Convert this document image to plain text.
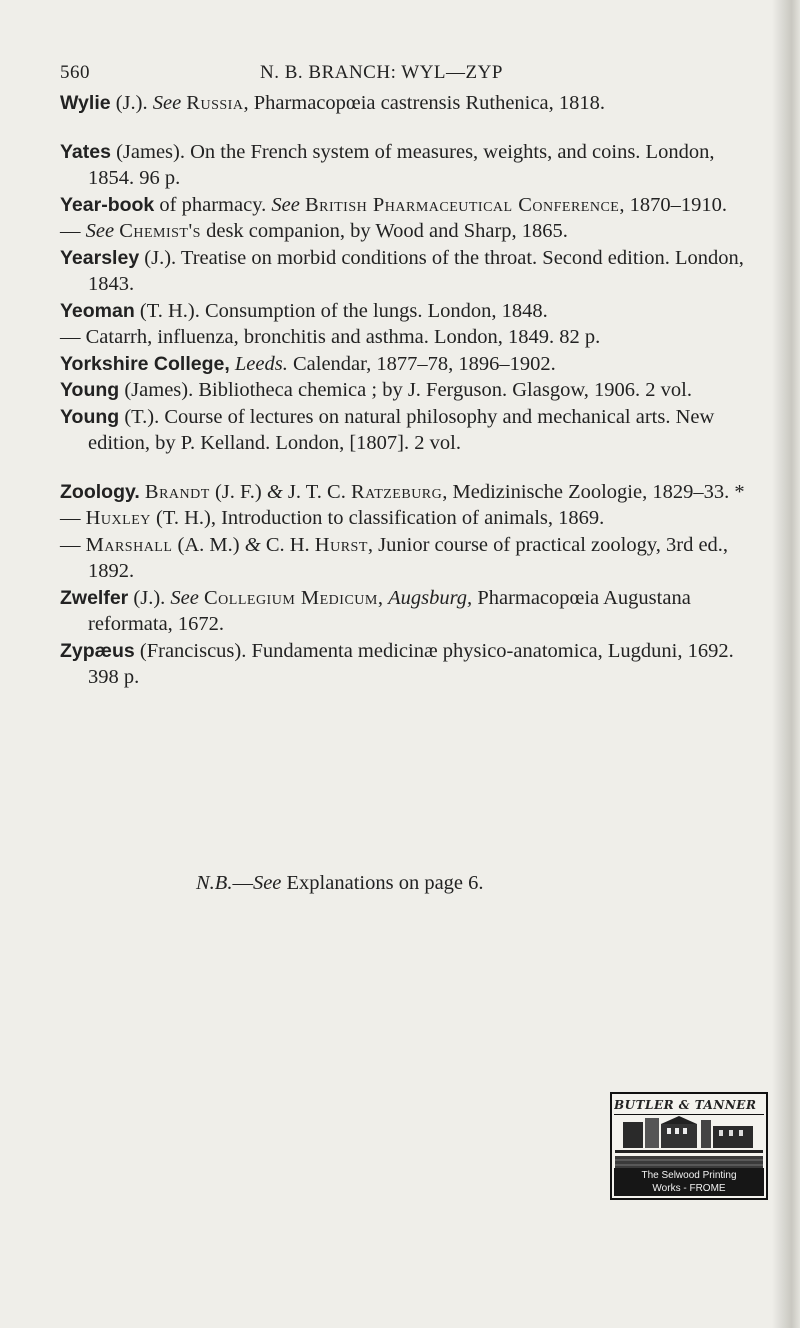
560	N. B. BRANCH: WYL—ZYP

Wylie (J.). See Russia, Pharmacopœia castrensis Ruthenica, 1818.

Yates (James). On the French system of measures, weights, and coins. London, 1854. 96 p.

Year-book of pharmacy. See British Pharmaceutical Conference, 1870–1910.

— See Chemist's desk companion, by Wood and Sharp, 1865.

Yearsley (J.). Treatise on morbid conditions of the throat. Second edition. London, 1843.

Yeoman (T. H.). Consumption of the lungs. London, 1848.

— Catarrh, influenza, bronchitis and asthma. London, 1849. 82 p.

Yorkshire College, Leeds. Calendar, 1877–78, 1896–1902.

Young (James). Bibliotheca chemica ; by J. Ferguson. Glasgow, 1906. 2 vol.

Young (T.). Course of lectures on natural philosophy and mechanical arts. New edition, by P. Kelland. London, [1807]. 2 vol.

Zoology. Brandt (J. F.) & J. T. C. Ratzeburg, Medizinische Zoologie, 1829–33. *

— Huxley (T. H.), Introduction to classification of animals, 1869.

— Marshall (A. M.) & C. H. Hurst, Junior course of practical zoology, 3rd ed., 1892.

Zwelfer (J.). See Collegium Medicum, Augsburg, Pharmacopœia Augustana reformata, 1672.

Zypæus (Franciscus). Fundamenta medicinæ physico-anatomica, Lugduni, 1692. 398 p.

N.B.—See Explanations on page 6.
BUTLER & TANNER
The Selwood Printing
Works - FROME
